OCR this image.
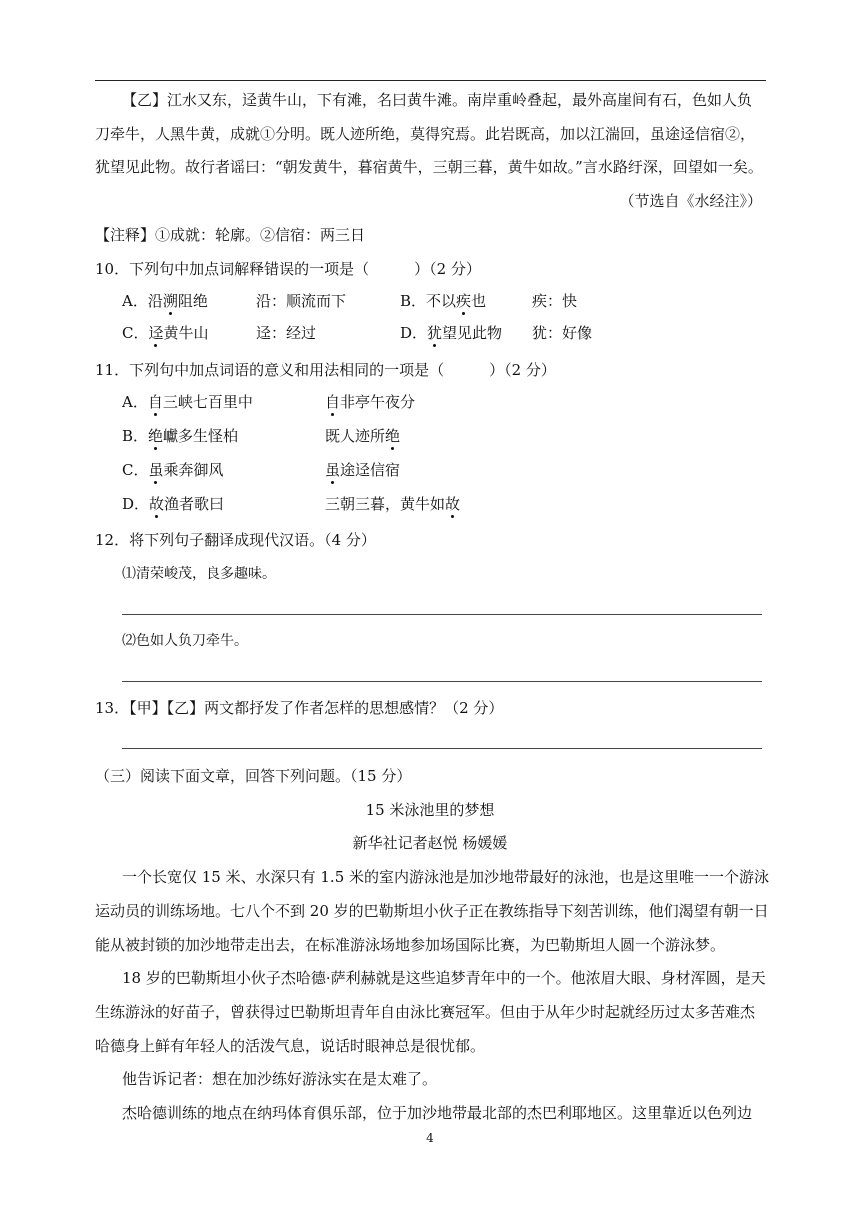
【乙】江水又东，迳黄牛山，下有滩，名曰黄牛滩。南岸重岭叠起，最外高崖间有石，色如人负
刀牵牛，人黑牛黄，成就①分明。既人迹所绝，莫得究焉。此岩既高，加以江湍回，虽途迳信宿②，
犹望见此物。故行者谣曰：“朝发黄牛，暮宿黄牛，三朝三暮，黄牛如故。”言水路纡深，回望如一矣。
（节选自《水经注》）
【注释】①成就：轮廓。②信宿：两三日
10．下列句中加点词解释错误的一项是（　　　）（2 分）
A．沿溯阻绝	沿：顺流而下	B．不以疾也	疾：快
C．迳黄牛山	迳：经过	D．犹望见此物 犹：好像
11．下列句中加点词语的意义和用法相同的一项是（　　　）（2 分）
A．自三峡七百里中	自非亭午夜分
B．绝巘多生怪柏	既人迹所绝
C．虽乘奔御风	虽途迳信宿
D．故渔者歌曰	三朝三暮，黄牛如故
12．将下列句子翻译成现代汉语。（4 分）
⑴清荣峻茂，良多趣味。
⑵色如人负刀牵牛。
13．【甲】【乙】两文都抒发了作者怎样的思想感情？（2 分）
（三）阅读下面文章，回答下列问题。（15 分）
15 米泳池里的梦想
新华社记者赵悦 杨媛媛
一个长宽仅 15 米、水深只有 1.5 米的室内游泳池是加沙地带最好的泳池，也是这里唯一一个游泳
运动员的训练场地。七八个不到 20 岁的巴勒斯坦小伙子正在教练指导下刻苦训练，他们渴望有朝一日
能从被封锁的加沙地带走出去，在标准游泳场地参加场国际比赛，为巴勒斯坦人圆一个游泳梦。
18 岁的巴勒斯坦小伙子杰哈德·萨利赫就是这些追梦青年中的一个。他浓眉大眼、身材浑圆，是天
生练游泳的好苗子，曾获得过巴勒斯坦青年自由泳比赛冠军。但由于从年少时起就经历过太多苦难杰
哈德身上鲜有年轻人的活泼气息，说话时眼神总是很忧郁。
他告诉记者：想在加沙练好游泳实在是太难了。
杰哈德训练的地点在纳玛体育俱乐部，位于加沙地带最北部的杰巴利耶地区。这里靠近以色列边
4
